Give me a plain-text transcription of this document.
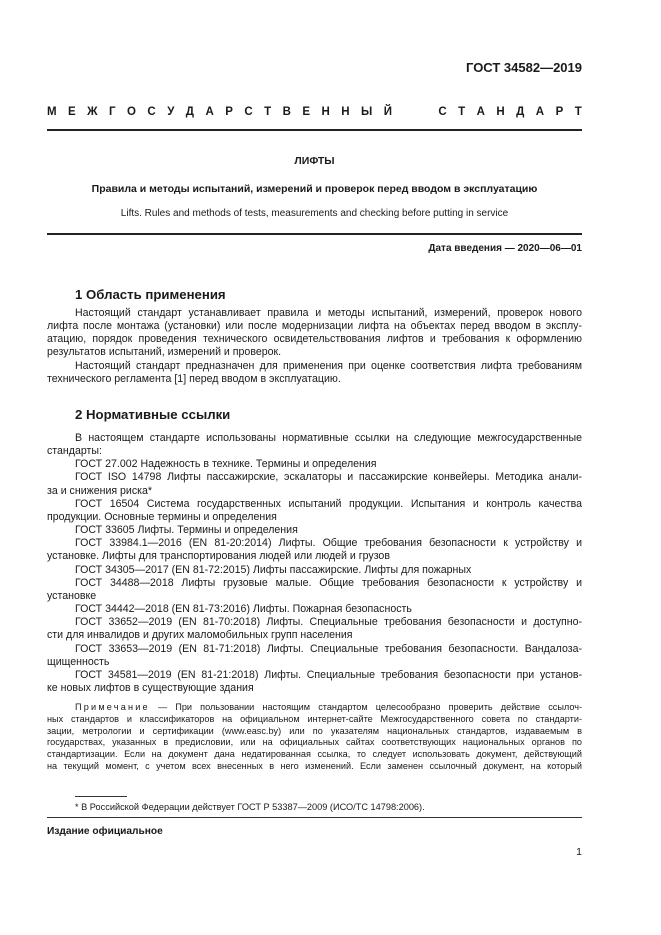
ГОСТ 34582—2019
М Е Ж Г О С У Д А Р С Т В Е Н Н Ы Й	С Т А Н Д А Р Т
ЛИФТЫ
Правила и методы испытаний, измерений и проверок перед вводом в эксплуатацию
Lifts. Rules and methods of tests, measurements and checking before putting in service
Дата введения — 2020—06—01
1 Область применения
Настоящий стандарт устанавливает правила и методы испытаний, измерений, проверок нового
лифта после монтажа (установки) или после модернизации лифта на объектах перед вводом в эксплу-
атацию, порядок проведения технического освидетельствования лифтов и требования к оформлению
результатов испытаний, измерений и проверок.
Настоящий стандарт предназначен для применения при оценке соответствия лифта требованиям
технического регламента [1] перед вводом в эксплуатацию.
2 Нормативные ссылки
В настоящем стандарте использованы нормативные ссылки на следующие межгосударственные
стандарты:
ГОСТ 27.002 Надежность в технике. Термины и определения
ГОСТ ISO 14798 Лифты пассажирские, эскалаторы и пассажирские конвейеры. Методика анали-
за и снижения риска*
ГОСТ 16504 Система государственных испытаний продукции. Испытания и контроль качества
продукции. Основные термины и определения
ГОСТ 33605 Лифты. Термины и определения
ГОСТ 33984.1—2016 (EN 81-20:2014) Лифты. Общие требования безопасности к устройству и
установке. Лифты для транспортирования людей или людей и грузов
ГОСТ 34305—2017 (EN 81-72:2015) Лифты пассажирские. Лифты для пожарных
ГОСТ 34488—2018 Лифты грузовые малые. Общие требования безопасности к устройству и
установке
ГОСТ 34442—2018 (EN 81-73:2016) Лифты. Пожарная безопасность
ГОСТ 33652—2019 (EN 81-70:2018) Лифты. Специальные требования безопасности и доступно-
сти для инвалидов и других маломобильных групп населения
ГОСТ 33653—2019 (EN 81-71:2018) Лифты. Специальные требования безопасности. Вандалоза-
щищенность
ГОСТ 34581—2019 (EN 81-21:2018) Лифты. Специальные требования безопасности при установ-
ке новых лифтов в существующие здания
Примечание — При пользовании настоящим стандартом целесообразно проверить действие ссылоч-
ных стандартов и классификаторов на официальном интернет-сайте Межгосударственного совета по стандарти-
зации, метрологии и сертификации (www.easc.by) или по указателям национальных стандартов, издаваемым в
государствах, указанных в предисловии, или на официальных сайтах соответствующих национальных органов по
стандартизации. Если на документ дана недатированная ссылка, то следует использовать документ, действующий
на текущий момент, с учетом всех внесенных в него изменений. Если заменен ссылочный документ, на который
* В Российской Федерации действует ГОСТ Р 53387—2009 (ИСО/ТС 14798:2006).
Издание официальное
1
